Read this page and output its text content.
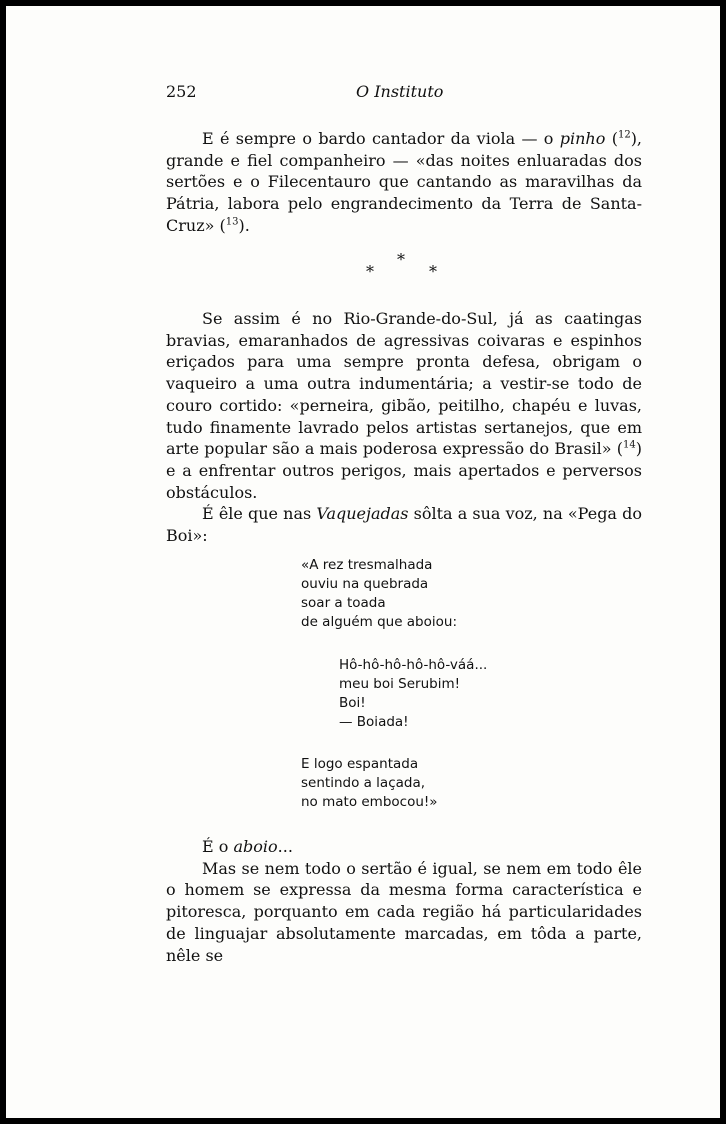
252	O Instituto

E é sempre o bardo cantador da viola — o pinho ($^{12}$), grande e fiel companheiro — «das noites enluaradas dos sertões e o Filecentauro que cantando as maravilhas da Pátria, labora pelo engrandecimento da Terra de Santa-Cruz» ($^{13}$).

*
*	*

Se assim é no Rio-Grande-do-Sul, já as caatingas bravias, emaranhados de agressivas coivaras e espinhos eriçados para uma sempre pronta defesa, obrigam o vaqueiro a uma outra indumentária; a vestir-se todo de couro cortido: «perneira, gibão, peitilho, chapéu e luvas, tudo finamente lavrado pelos artistas sertanejos, que em arte popular são a mais poderosa expressão do Brasil» ($^{14}$) e a enfrentar outros perigos, mais apertados e perversos obstáculos.

É êle que nas Vaquejadas sôlta a sua voz, na «Pega do Boi»:

«A rez tresmalhada
ouviu na quebrada
soar a toada
de alguém que aboiou:
Hô-hô-hô-hô-hô-váá...
meu boi Serubim!
Boi!
— Boiada!
E logo espantada
sentindo a laçada,
no mato embocou!»

É o aboio...

Mas se nem todo o sertão é igual, se nem em todo êle o homem se expressa da mesma forma característica e pitoresca, porquanto em cada região há particularidades de linguajar absolutamente marcadas, em tôda a parte, nêle se
